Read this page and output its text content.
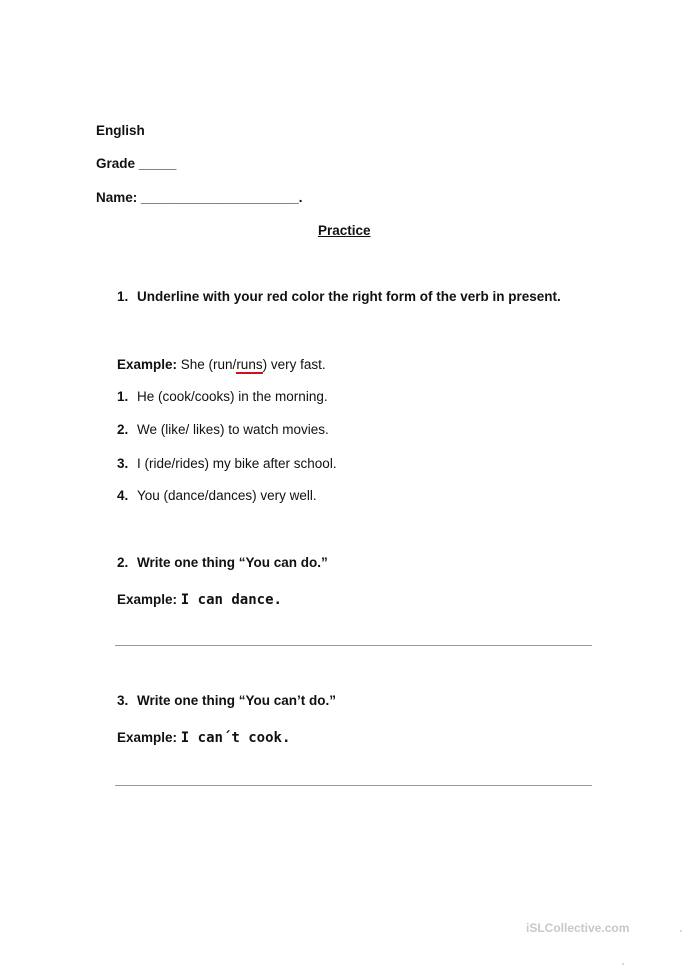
English
Grade _____
Name: _____________________.
Practice
1. Underline with your red color the right form of the verb in present.
Example: She (run/runs) very fast.
1. He (cook/cooks) in the morning.
2. We (like/ likes) to watch movies.
3. I (ride/rides) my bike after school.
4. You (dance/dances) very well.
2. Write one thing “You can do.”
Example: I can dance.
3. Write one thing “You can’t do.”
Example: I can´t cook.
iSLCollective.com
